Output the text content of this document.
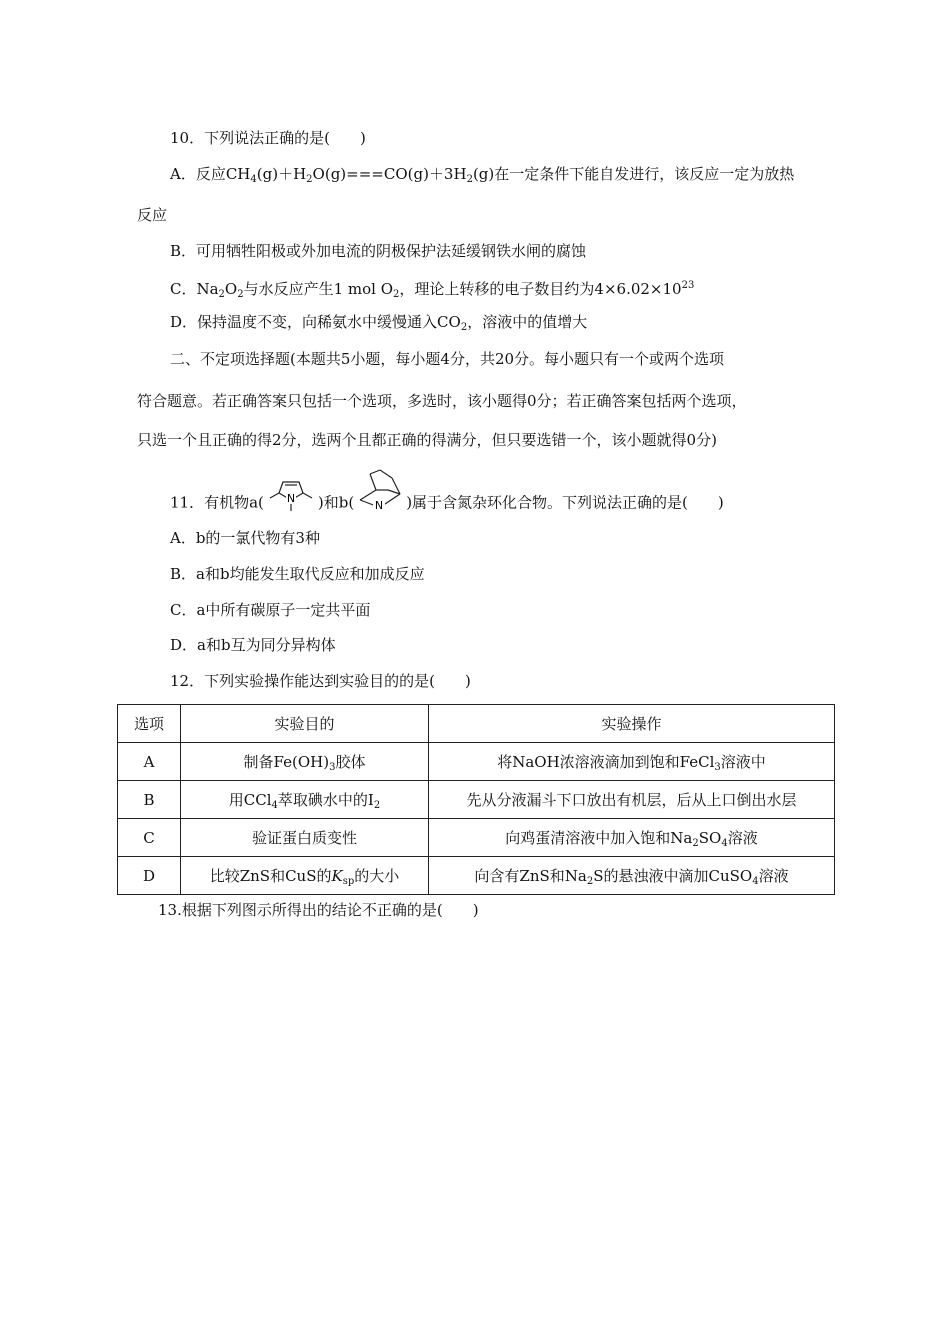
10．下列说法正确的是(　　)
A．反应$CH_4(g)+H_2O(g)===CO(g)+3H_2(g)$在一定条件下能自发进行，该反应一定为放热
反应
B．可用牺牲阳极或外加电流的阴极保护法延缓钢铁水闸的腐蚀
C．$Na_2O_2$与水反应产生1 mol $O_2$，理论上转移的电子数目约为$4\times 6.02\times 10^{23}$
D．保持温度不变，向稀氨水中缓慢通入$CO_2$，溶液中的值增大
二、不定项选择题(本题共5小题，每小题4分，共20分。每小题只有一个或两个选项
符合题意。若正确答案只包括一个选项，多选时，该小题得0分；若正确答案包括两个选项，
只选一个且正确的得2分，选两个且都正确的得满分，但只要选错一个，该小题就得0分)
11．有机物a( N )和b( N )属于含氮杂环化合物。下列说法正确的是(　　)
A．b的一氯代物有3种
B．a和b均能发生取代反应和加成反应
C．a中所有碳原子一定共平面
D．a和b互为同分异构体
12．下列实验操作能达到实验目的的是(　　)
选项	实验目的	实验操作
A	制备$Fe(OH)_3$胶体	将NaOH浓溶液滴加到饱和FeCl$_3$溶液中
B	用CCl$_4$萃取碘水中的$I_2$	先从分液漏斗下口放出有机层，后从上口倒出水层
C	验证蛋白质变性	向鸡蛋清溶液中加入饱和$Na_2SO_4$溶液
D	比较ZnS和CuS的$K_{sp}$的大小	向含有ZnS和$Na_2S$的悬浊液中滴加CuSO$_4$溶液
13.根据下列图示所得出的结论不正确的是(　　)
